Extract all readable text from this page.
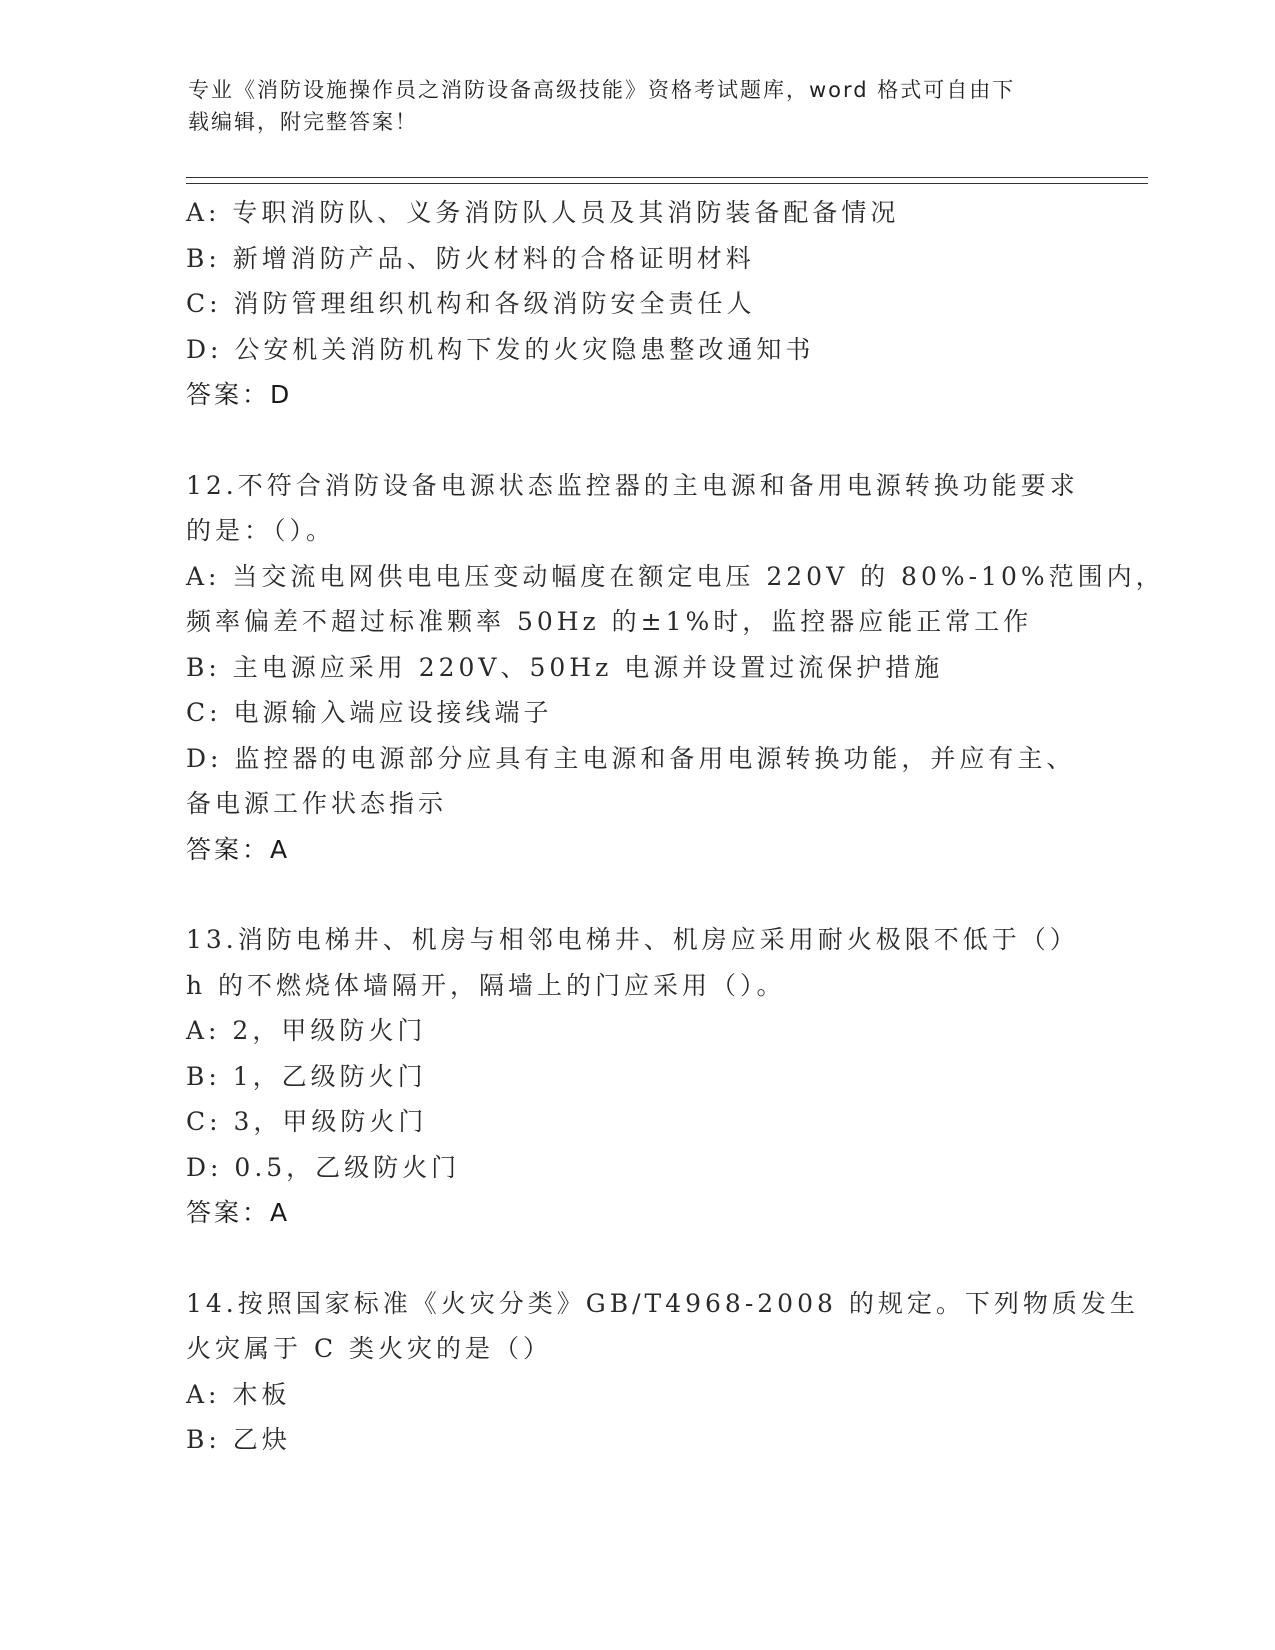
专业《消防设施操作员之消防设备高级技能》资格考试题库，word 格式可自由下
载编辑，附完整答案！
A: 专职消防队、义务消防队人员及其消防装备配备情况
B: 新增消防产品、防火材料的合格证明材料
C: 消防管理组织机构和各级消防安全责任人
D: 公安机关消防机构下发的火灾隐患整改通知书
答案：D
12.不符合消防设备电源状态监控器的主电源和备用电源转换功能要求
的是：（）。
A: 当交流电网供电电压变动幅度在额定电压 220V 的 80%-10%范围内，
频率偏差不超过标准颗率 50Hz 的±1%时，监控器应能正常工作
B: 主电源应采用 220V、50Hz 电源并设置过流保护措施
C: 电源输入端应设接线端子
D: 监控器的电源部分应具有主电源和备用电源转换功能，并应有主、
备电源工作状态指示
答案：A
13.消防电梯井、机房与相邻电梯井、机房应采用耐火极限不低于（）
h 的不燃烧体墙隔开，隔墙上的门应采用（）。
A: 2，甲级防火门
B: 1，乙级防火门
C: 3，甲级防火门
D: 0.5，乙级防火门
答案：A
14.按照国家标准《火灾分类》GB/T4968-2008 的规定。下列物质发生
火灾属于 C 类火灾的是（）
A: 木板
B: 乙炔
